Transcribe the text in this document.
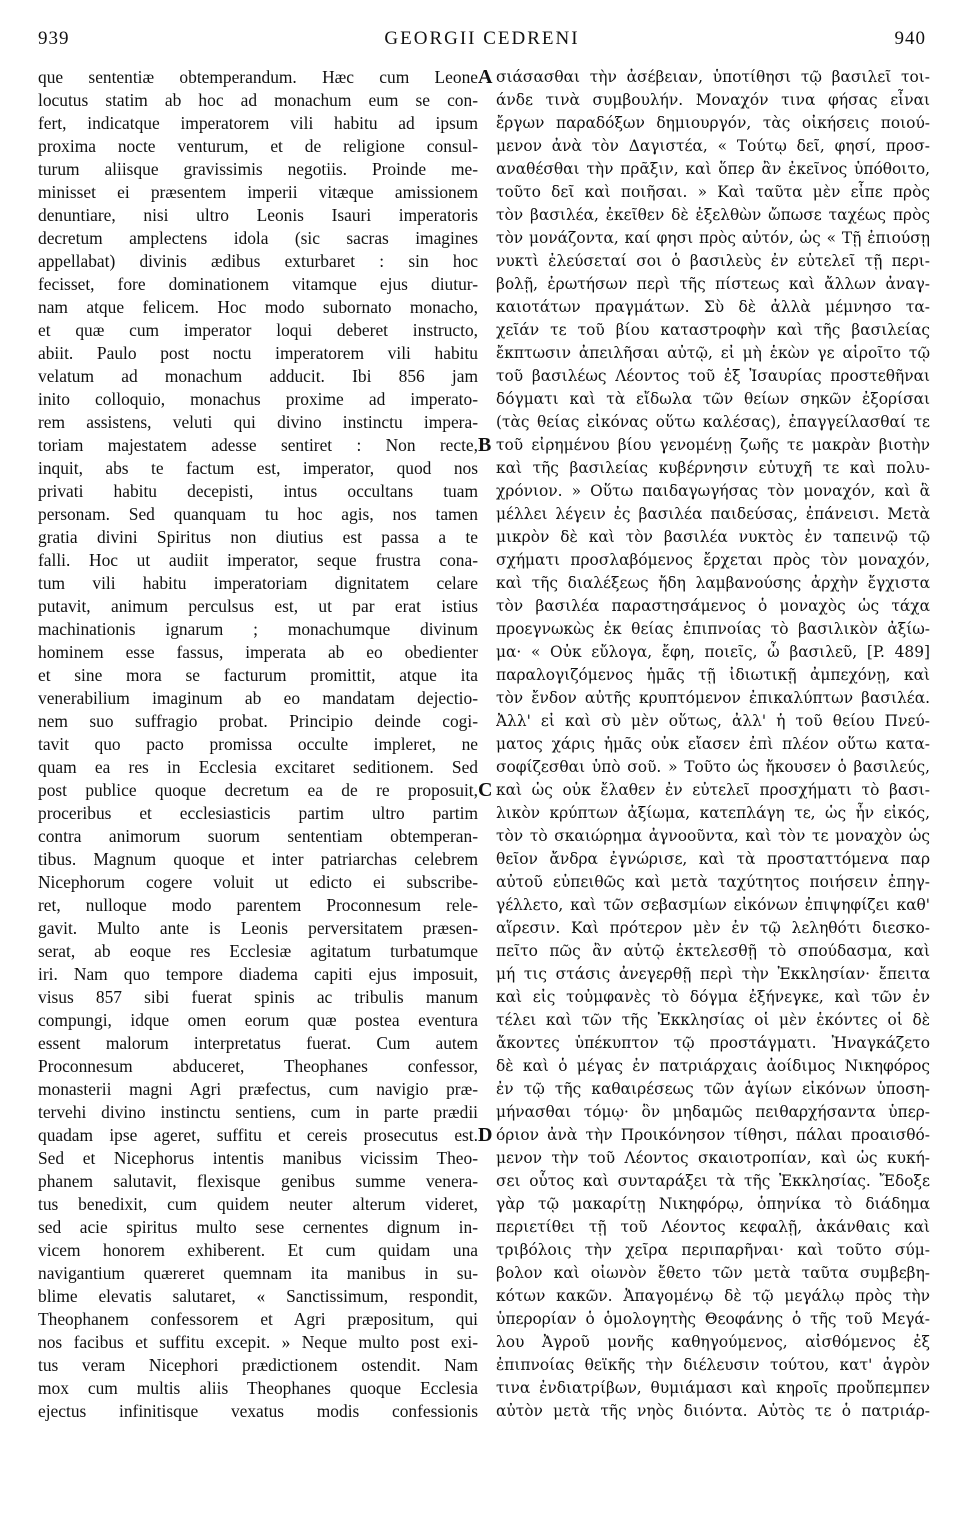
939	GEORGII CEDRENI	940
que sententiæ obtemperandum. Hæc cum Leone
locutus statim ab hoc ad monachum eum se con-
fert, indicatque imperatorem vili habitu ad ipsum
proxima nocte venturum, et de religione consul-
turum aliisque gravissimis negotiis. Proinde me-
minisset ei præsentem imperii vitæque amissionem
denuntiare, nisi ultro Leonis Isauri imperatoris
decretum amplectens idola (sic sacras imagines
appellabat) divinis ædibus exturbaret : sin hoc
fecisset, fore dominationem vitamque ejus diutur-
nam atque felicem. Hoc modo subornato monacho,
et quæ cum imperator loqui deberet instructo,
abiit. Paulo post noctu imperatorem vili habitu
velatum ad monachum adducit. Ibi 856 jam
inito colloquio, monachus proxime ad imperato-
rem assistens, veluti qui divino instinctu impera-
toriam majestatem adesse sentiret : Non recte,
inquit, abs te factum est, imperator, quod nos
privati habitu decepisti, intus occultans tuam
personam. Sed quanquam tu hoc agis, nos tamen
gratia divini Spiritus non diutius est passa a te
falli. Hoc ut audiit imperator, seque frustra cona-
tum vili habitu imperatoriam dignitatem celare
putavit, animum perculsus est, ut par erat istius
machinationis ignarum ; monachumque divinum
hominem esse fassus, imperata ab eo obedienter
et sine mora se facturum promittit, atque ita
venerabilium imaginum ab eo mandatam dejectio-
nem suo suffragio probat. Principio deinde cogi-
tavit quo pacto promissa occulte impleret, ne
quam ea res in Ecclesia excitaret seditionem. Sed
post publice quoque decretum ea de re proposuit,
proceribus et ecclesiasticis partim ultro partim
contra animorum suorum sententiam obtemperan-
tibus. Magnum quoque et inter patriarchas celebrem
Nicephorum cogere voluit ut edicto ei subscribe-
ret, nulloque modo parentem Proconnesum rele-
gavit. Multo ante is Leonis perversitatem præsen-
serat, ab eoque res Ecclesiæ agitatum turbatumque
iri. Nam quo tempore diadema capiti ejus imposuit,
visus 857 sibi fuerat spinis ac tribulis manum
compungi, idque omen eorum quæ postea eventura
essent malorum interpretatus fuerat. Cum autem
Proconnesum abduceret, Theophanes confessor,
monasterii magni Agri præfectus, cum navigio præ-
tervehi divino instinctu sentiens, cum in parte prædii
quadam ipse ageret, suffitu et cereis prosecutus est.
Sed et Nicephorus intentis manibus vicissim Theo-
phanem salutavit, flexisque genibus summe venera-
tus benedixit, cum quidem neuter alterum videret,
sed acie spiritus multo sese cernentes dignum in-
vicem honorem exhiberent. Et cum quidam una
navigantium quæreret quemnam ita manibus in su-
blime elevatis salutaret, « Sanctissimum, respondit,
Theophanem confessorem et Agri præpositum, qui
nos facibus et suffitu excepit. » Neque multo post exi-
tus veram Nicephori prædictionem ostendit. Nam
mox cum multis aliis Theophanes quoque Ecclesia
ejectus infinitisque vexatus modis confessionis
σιάσασθαι τὴν ἀσέβειαν, ὑποτίθησι τῷ βασιλεῖ τοι-
άνδε τινὰ συμβουλήν. Μοναχόν τινα φήσας εἶναι
ἔργων παραδόξων δημιουργόν, τὰς οἰκήσεις ποιού-
μενον ἀνὰ τὸν Δαγιστέα, « Τούτῳ δεῖ, φησί, προσ-
αναθέσθαι τὴν πρᾶξιν, καὶ ὅπερ ἂν ἐκεῖνος ὑπόθοιτο,
τοῦτο δεῖ καὶ ποιῆσαι. » Καὶ ταῦτα μὲν εἶπε πρὸς
τὸν βασιλέα, ἐκεῖθεν δὲ ἐξελθὼν ὤπωσε ταχέως πρὸς
τὸν μονάζοντα, καί φησι πρὸς αὐτόν, ὡς « Τῇ ἐπιούσῃ
νυκτὶ ἐλεύσεταί σοι ὁ βασιλεὺς ἐν εὐτελεῖ τῇ περι-
βολῇ, ἐρωτήσων περὶ τῆς πίστεως καὶ ἄλλων ἀναγ-
καιοτάτων πραγμάτων. Σὺ δὲ ἀλλὰ μέμνησο τα-
χεῖάν τε τοῦ βίου καταστροφὴν καὶ τῆς βασιλείας
ἔκπτωσιν ἀπειλῆσαι αὐτῷ, εἰ μὴ ἑκὼν γε αἱροῖτο τῷ
τοῦ βασιλέως Λέοντος τοῦ ἐξ Ἰσαυρίας προστεθῆναι
δόγματι καὶ τὰ εἴδωλα τῶν θείων σηκῶν ἐξορίσαι
(τὰς θείας εἰκόνας οὕτω καλέσας), ἐπαγγείλασθαί τε
τοῦ εἰρημένου βίου γενομένῃ ζωῆς τε μακρὰν βιοτὴν
καὶ τῆς βασιλείας κυβέρνησιν εὐτυχῆ τε καὶ πολυ-
χρόνιον. » Οὕτω παιδαγωγήσας τὸν μοναχόν, καὶ ἃ
μέλλει λέγειν ἐς βασιλέα παιδεύσας, ἐπάνεισι. Μετὰ
μικρὸν δὲ καὶ τὸν βασιλέα νυκτὸς ἐν ταπεινῷ τῷ
σχήματι προσλαβόμενος ἔρχεται πρὸς τὸν μοναχόν,
καὶ τῆς διαλέξεως ἤδη λαμβανούσης ἀρχὴν ἔγχιστα
τὸν βασιλέα παραστησάμενος ὁ μοναχὸς ὡς τάχα
προεγνωκὼς ἐκ θείας ἐπιπνοίας τὸ βασιλικὸν ἀξίω-
μα· « Οὐκ εὔλογα, ἔφη, ποιεῖς, ὦ βασιλεῦ, [P. 489]
παραλογιζόμενος ἡμᾶς τῇ ἰδιωτικῇ ἀμπεχόνῃ, καὶ
τὸν ἔνδον αὐτῆς κρυπτόμενον ἐπικαλύπτων βασιλέα.
Ἀλλ' εἰ καὶ σὺ μὲν οὕτως, ἀλλ' ἡ τοῦ θείου Πνεύ-
ματος χάρις ἡμᾶς οὐκ εἴασεν ἐπὶ πλέον οὕτω κατα-
σοφίζεσθαι ὑπὸ σοῦ. » Τοῦτο ὡς ἤκουσεν ὁ βασιλεύς,
καὶ ὡς οὐκ ἔλαθεν ἐν εὐτελεῖ προσχήματι τὸ βασι-
λικὸν κρύπτων ἀξίωμα, κατεπλάγη τε, ὡς ἦν εἰκός,
τὸν τὸ σκαιώρημα ἀγνοοῦντα, καὶ τὸν τε μοναχὸν ὡς
θεῖον ἄνδρα ἐγνώρισε, καὶ τὰ προσταττόμενα παρ
αὐτοῦ εὐπειθῶς καὶ μετὰ ταχύτητος ποιήσειν ἐπηγ-
γέλλετο, καὶ τῶν σεβασμίων εἰκόνων ἐπιψηφίζει καθ'
αἵρεσιν. Καὶ πρότερον μὲν ἐν τῷ λεληθότι διεσκο-
πεῖτο πῶς ἂν αὐτῷ ἐκτελεσθῇ τὸ σπούδασμα, καὶ
μή τις στάσις ἀνεγερθῇ περὶ τὴν Ἐκκλησίαν· ἔπειτα
καὶ εἰς τοὐμφανὲς τὸ δόγμα ἐξήνεγκε, καὶ τῶν ἐν
τέλει καὶ τῶν τῆς Ἐκκλησίας οἱ μὲν ἑκόντες οἱ δὲ
ἄκοντες ὑπέκυπτον τῷ προστάγματι. Ἠναγκάζετο
δὲ καὶ ὁ μέγας ἐν πατριάρχαις ἀοίδιμος Νικηφόρος
ἐν τῷ τῆς καθαιρέσεως τῶν ἁγίων εἰκόνων ὑποση-
μήνασθαι τόμῳ· ὃν μηδαμῶς πειθαρχήσαντα ὑπερ-
όριον ἀνὰ τὴν Προικόνησον τίθησι, πάλαι προαισθό-
μενον τὴν τοῦ Λέοντος σκαιοτροπίαν, καὶ ὡς κυκή-
σει οὗτος καὶ συνταράξει τὰ τῆς Ἐκκλησίας. Ἔδοξε
γὰρ τῷ μακαρίτῃ Νικηφόρῳ, ὁπηνίκα τὸ διάδημα
περιετίθει τῇ τοῦ Λέοντος κεφαλῇ, ἀκάνθαις καὶ
τριβόλοις τὴν χεῖρα περιπαρῆναι· καὶ τοῦτο σύμ-
βολον καὶ οἰωνὸν ἔθετο τῶν μετὰ ταῦτα συμβεβη-
κότων κακῶν. Ἀπαγομένῳ δὲ τῷ μεγάλῳ πρὸς τὴν
ὑπερορίαν ὁ ὁμολογητὴς Θεοφάνης ὁ τῆς τοῦ Μεγά-
λου Ἀγροῦ μονῆς καθηγούμενος, αἰσθόμενος ἐξ
ἐπιπνοίας θεϊκῆς τὴν διέλευσιν τούτου, κατ' ἀγρὸν
τινα ἐνδιατρίβων, θυμιάμασι καὶ κηροῖς προὔπεμπεν
αὐτὸν μετὰ τῆς νηὸς διιόντα. Αὐτὸς τε ὁ πατριάρ-
A
B
C
D
